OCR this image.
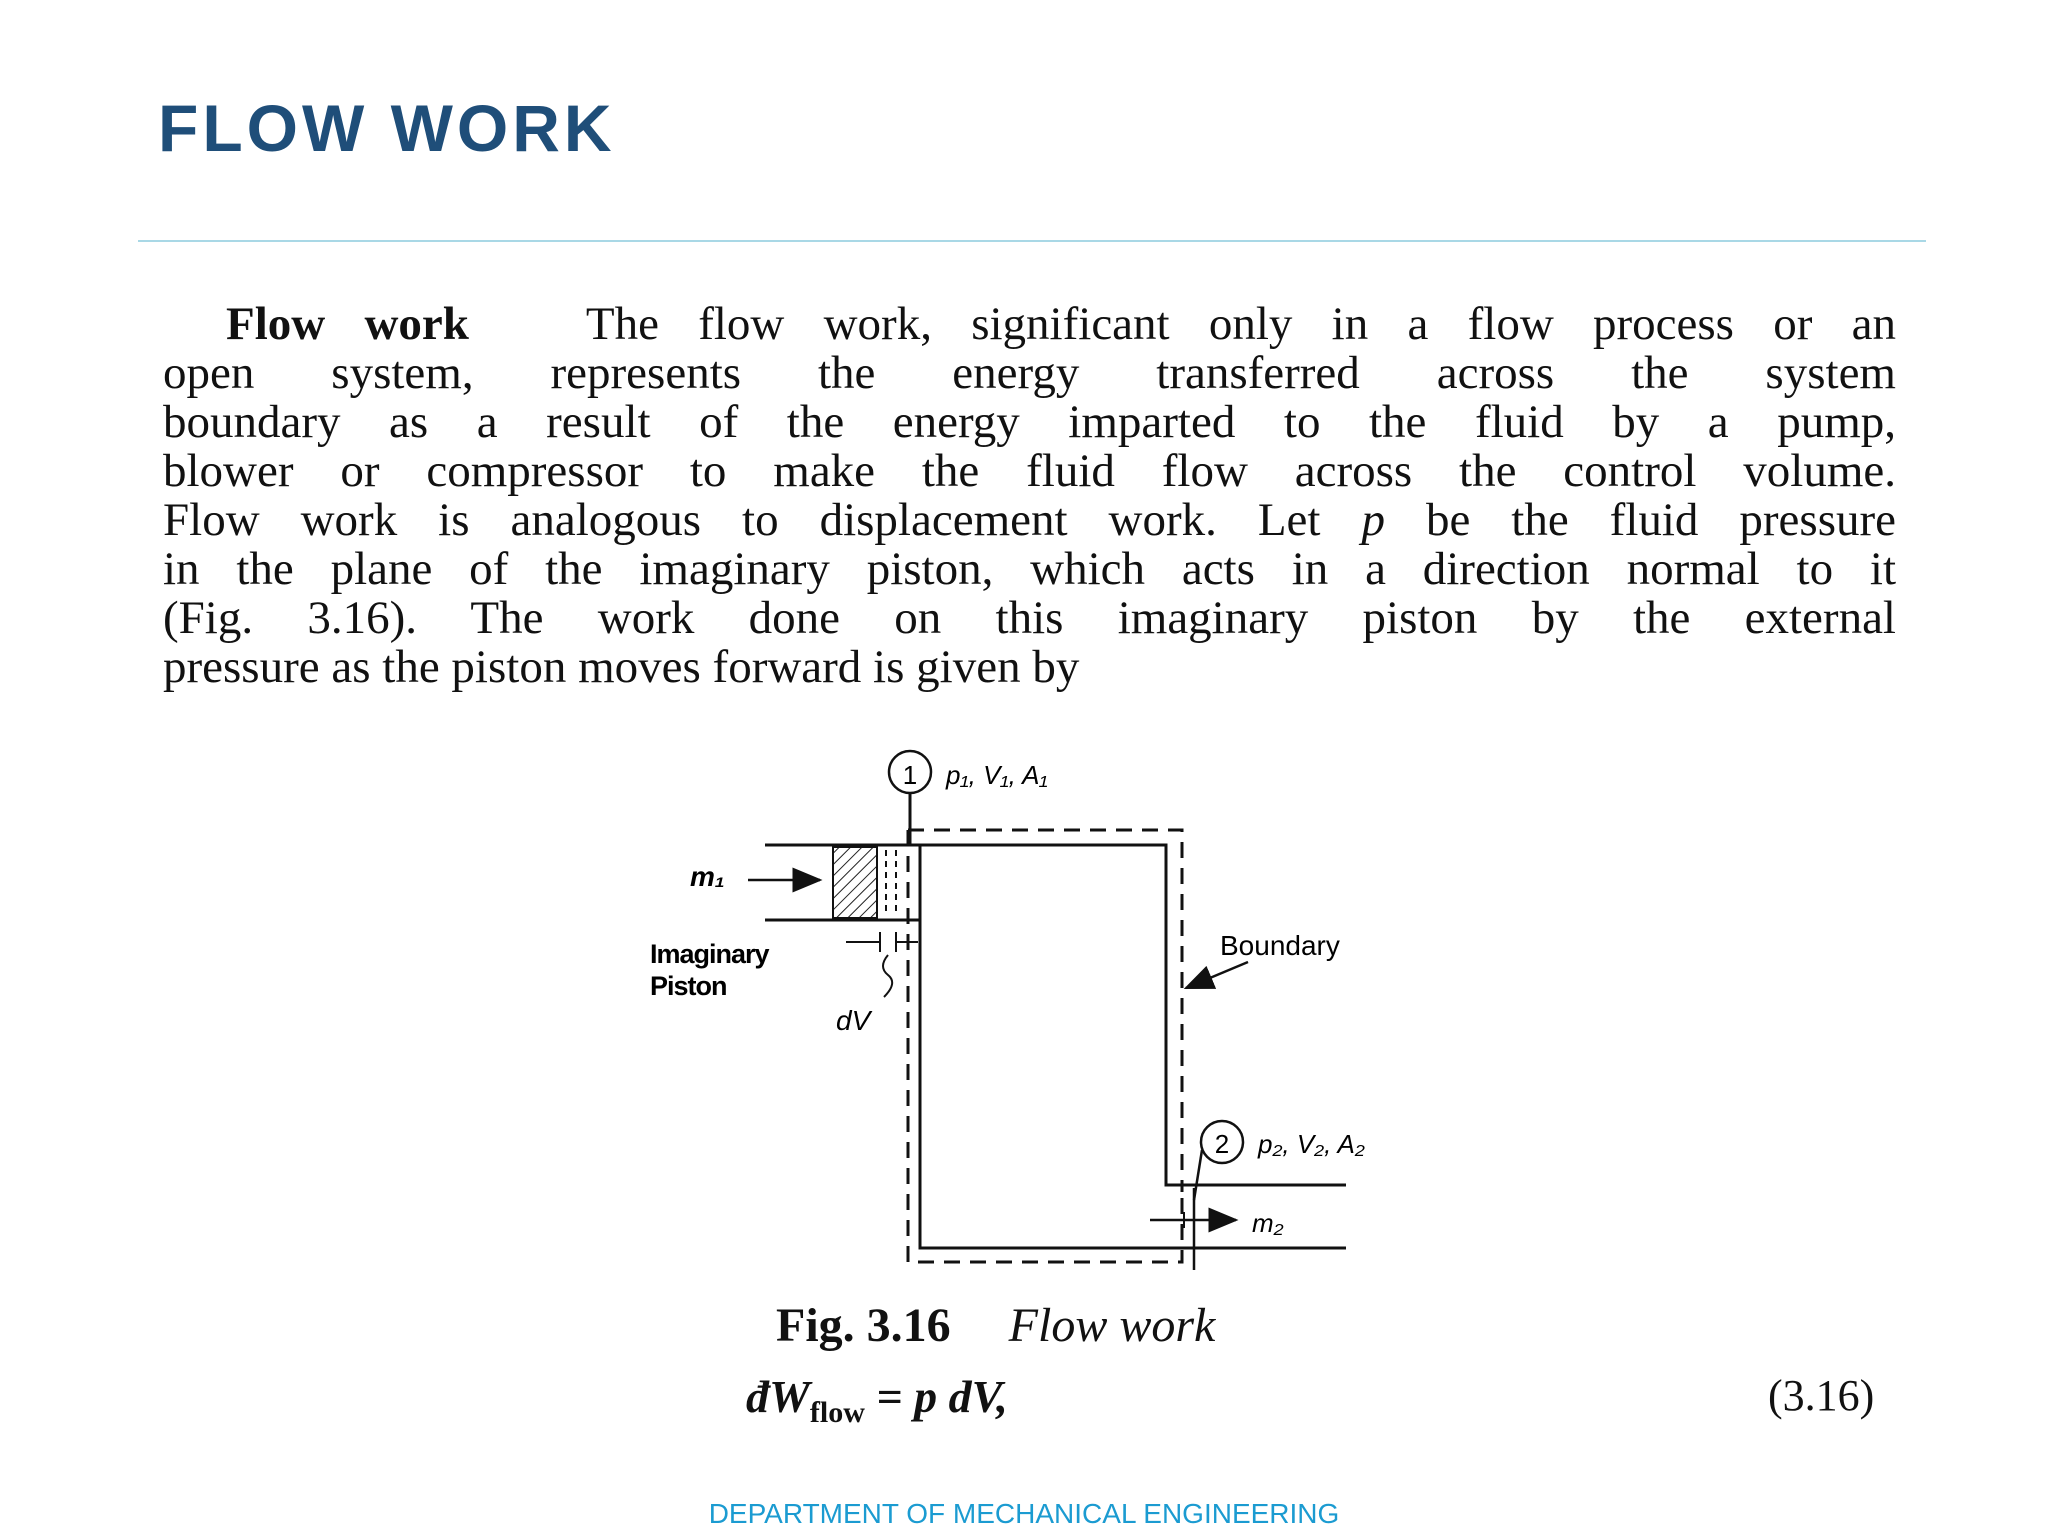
FLOW WORK
Flow work The flow work, significant only in a flow process or an
open system, represents the energy transferred across the system
boundary as a result of the energy imparted to the fluid by a pump,
blower or compressor to make the fluid flow across the control volume.
Flow work is analogous to displacement work. Let p be the fluid pressure
in the plane of the imaginary piston, which acts in a direction normal to it
(Fig. 3.16). The work done on this imaginary piston by the external
pressure as the piston moves forward is given by
1 p₁, V₁, A₁
m₁
dV
Imaginary
Piston
Boundary
2 p₂, V₂, A₂
m₂
Fig. 3.16 Flow work
$đW_{flow} = p$ dV,	(3.16)
DEPARTMENT OF MECHANICAL ENGINEERING
